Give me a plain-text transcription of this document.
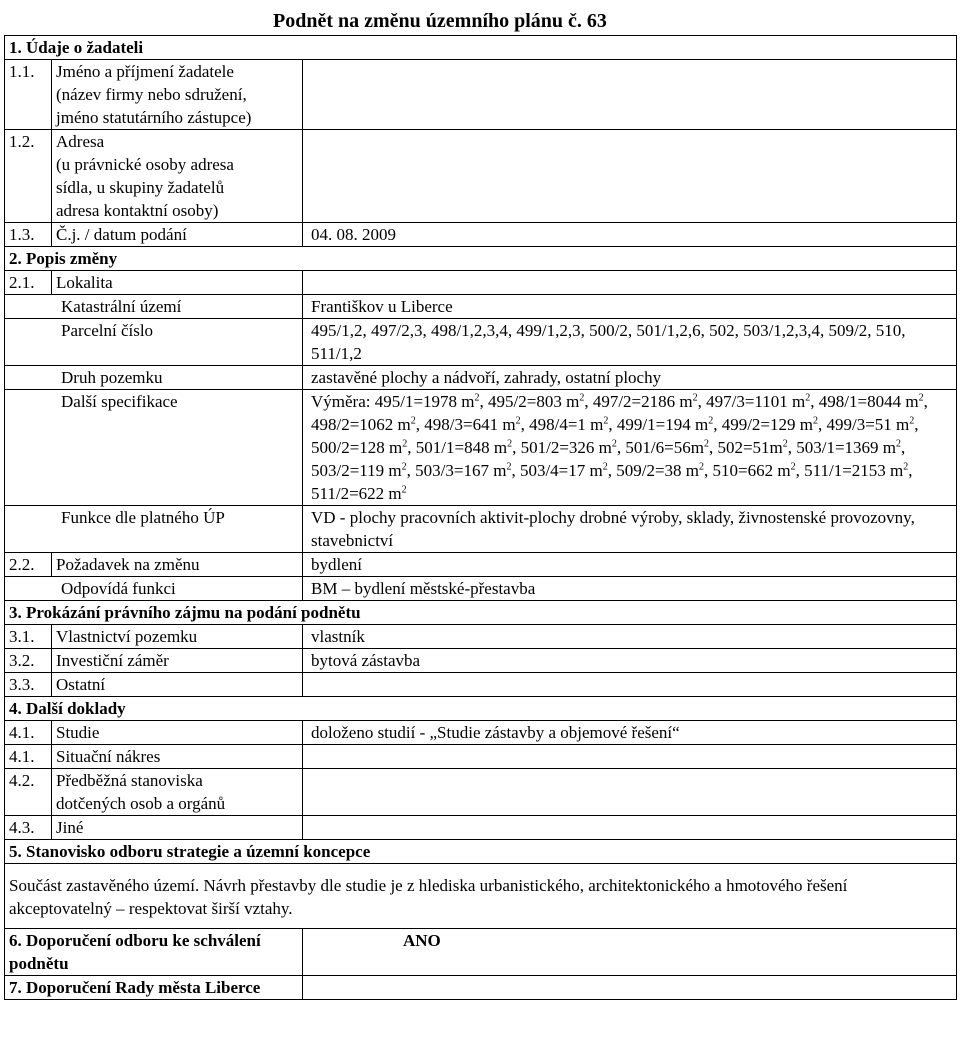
Podnět na změnu územního plánu č. 63
1. Údaje o žadateli		
1.1.	Jméno a příjmení žadatele
(název firmy nebo sdružení,
jméno statutárního zástupce)	
1.2.	Adresa
(u právnické osoby adresa
sídla, u skupiny žadatelů
adresa kontaktní osoby)	
1.3.	Č.j. / datum podání	04. 08. 2009
2. Popis změny		
2.1.	Lokalita	
Katastrální území		Františkov u Liberce
Parcelní číslo		495/1,2, 497/2,3, 498/1,2,3,4, 499/1,2,3, 500/2, 501/1,2,6, 502, 503/1,2,3,4, 509/2, 510, 511/1,2
Druh pozemku		zastavěné plochy a nádvoří, zahrady, ostatní plochy
Další specifikace		Výměra: 495/1=1978 $m^2$, 495/2=803 $m^2$, 497/2=2186 $m^2$, 497/3=1101 $m^2$, 498/1=8044 $m^2$, 498/2=1062 $m^2$, 498/3=641 $m^2$, 498/4=1 $m^2$, 499/1=194 $m^2$, 499/2=129 $m^2$, 499/3=51 $m^2$, 500/2=128 $m^2$, 501/1=848 $m^2$, 501/2=326 $m^2$, $501/6=56m^2$, $502=51m^2$, 503/1=1369 $m^2$, 503/2=119 $m^2$, 503/3=167 $m^2$, 503/4=17 $m^2$, 509/2=38 $m^2$, 510=662 $m^2$, 511/1=2153 $m^2$, 511/2=622 $m^2$
Funkce dle platného ÚP		VD - plochy pracovních aktivit-plochy drobné výroby, sklady, živnostenské provozovny, stavebnictví
2.2.	Požadavek na změnu	bydlení
Odpovídá funkci		BM – bydlení městské-přestavba
3. Prokázání právního zájmu na podání podnětu		
3.1.	Vlastnictví pozemku	vlastník
3.2.	Investiční záměr	bytová zástavba
3.3.	Ostatní	
4. Další doklady		
4.1.	Studie	doloženo studií - „Studie zástavby a objemové řešení“
4.1.	Situační nákres	
4.2.	Předběžná stanoviska
dotčených osob a orgánů	
4.3.	Jiné	
5. Stanovisko odboru strategie a územní koncepce		
Součást zastavěného území. Návrh přestavby dle studie je z hlediska urbanistického, architektonického a hmotového řešení akceptovatelný – respektovat širší vztahy.		
6. Doporučení odboru ke schválení podnětu		ANO
7. Doporučení Rady města Liberce		
